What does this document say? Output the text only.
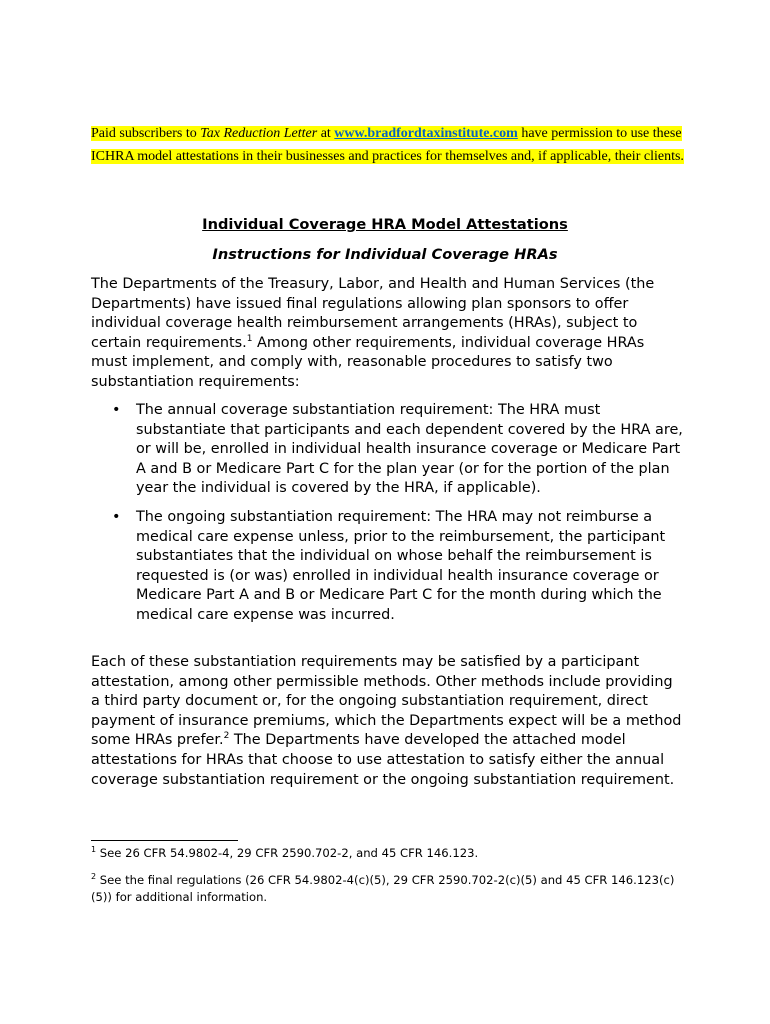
Paid subscribers to Tax Reduction Letter at www.bradfordtaxinstitute.com have permission to use these ICHRA model attestations in their businesses and practices for themselves and, if applicable, their clients.
Individual Coverage HRA Model Attestations
Instructions for Individual Coverage HRAs

The Departments of the Treasury, Labor, and Health and Human Services (the Departments) have issued final regulations allowing plan sponsors to offer individual coverage health reimbursement arrangements (HRAs), subject to certain requirements.$^1$ Among other requirements, individual coverage HRAs must implement, and comply with, reasonable procedures to satisfy two substantiation requirements:

• The annual coverage substantiation requirement: The HRA must substantiate that participants and each dependent covered by the HRA are, or will be, enrolled in individual health insurance coverage or Medicare Part A and B or Medicare Part C for the plan year (or for the portion of the plan year the individual is covered by the HRA, if applicable).
• The ongoing substantiation requirement: The HRA may not reimburse a medical care expense unless, prior to the reimbursement, the participant substantiates that the individual on whose behalf the reimbursement is requested is (or was) enrolled in individual health insurance coverage or Medicare Part A and B or Medicare Part C for the month during which the medical care expense was incurred.

Each of these substantiation requirements may be satisfied by a participant attestation, among other permissible methods. Other methods include providing a third party document or, for the ongoing substantiation requirement, direct payment of insurance premiums, which the Departments expect will be a method some HRAs prefer.$^2$ The Departments have developed the attached model attestations for HRAs that choose to use attestation to satisfy either the annual coverage substantiation requirement or the ongoing substantiation requirement.

$^1$ See 26 CFR 54.9802-4, 29 CFR 2590.702-2, and 45 CFR 146.123.

$^2$ See the final regulations (26 CFR 54.9802-4(c)(5), 29 CFR 2590.702-2(c)(5) and 45 CFR 146.123(c)(5)) for additional information.
